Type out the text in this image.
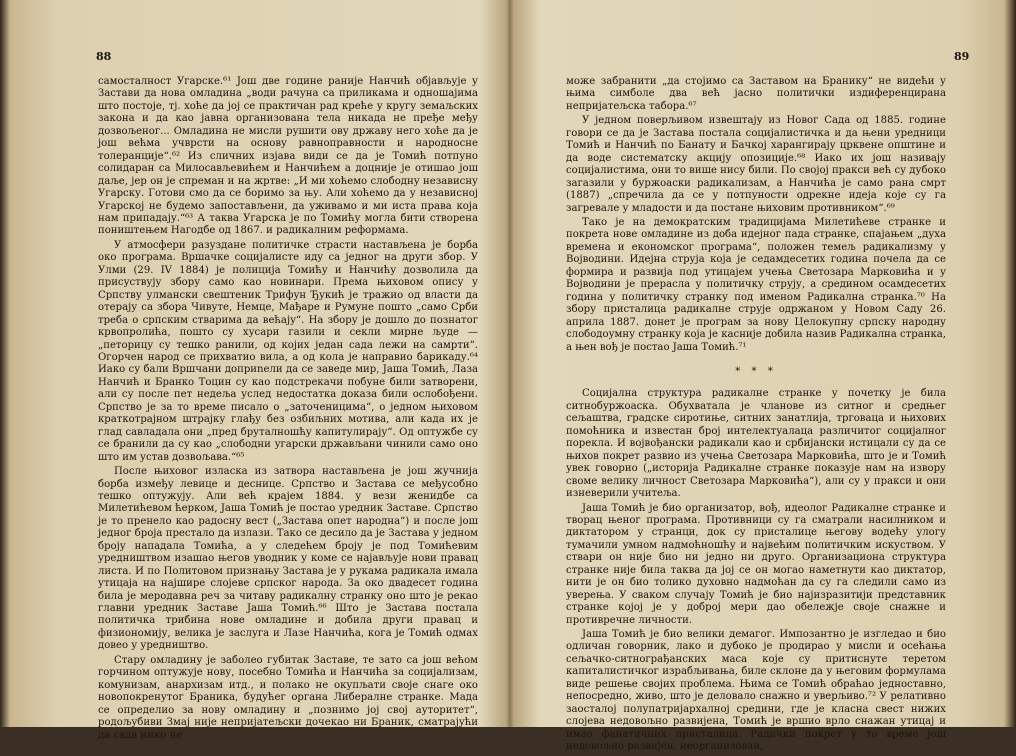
88

самосталност Угарске.⁶¹ Још две године раније Нанчић објављује у Застави да нова омладина „води рачуна са приликама и одношајима што постоје, тј. хоће да јој се практичан рад креће у кругу земаљских закона и да као јавна организована тела никада не пређе међу дозвољеног... Омладина не мисли рушити ову државу него хоће да је још већма учврсти на основу равноправности и народносне толеранције“.⁶² Из сличних изјава види се да је Томић потпуно солидаран са Милосављевићем и Нанчићем а доцније је отишао још даље, јер он је спреман и на жртве: „И ми хоћемо слободну независну Угарску. Готови смо да се боримо за њу. Али хоћемо да у независној Угарској не будемо запостављени, да уживамо и ми иста права која нам припадају.“⁶³ А таква Угарска је по Томићу могла бити створена поништењем Нагодбе од 1867. и радикалним реформама.

У атмосфери разуздане политичке страсти настављена је борба око програма. Вршачке социјалисте иду са једног на други збор. У Улми (29. IV 1884) је полиција Томићу и Нанчићу дозволила да присуствују збору само као новинари. Према њиховом опису у Српству улмански свештеник Трифун Ђукић је тражио од власти да отерају са збора Чивуте, Немце, Мађаре и Румуне пошто „само Срби треба о српским стварима да већају“. На збору је дошло до познатог крвопролића, пошто су хусари газили и секли мирне људе — „петорицу су тешко ранили, од којих један сада лежи на самрти“. Огорчен народ се прихватио вила, а од кола је направио барикаду.⁶⁴ Иако су бали Вршчани доприneли да се заведе мир, Јаша Томић, Лаза Нанчић и Бранко Тоцин су као подстрекачи побуне били затворени, али су после пет недеља услед недостатка доказа били ослобођени. Српство је за то време писало о „заточеницима“, о једном њиховом краткотрајном штрајку глађу без озбиљних мотива, али када их је глад савладала они „пред бруталношћу капитулирају“. Од оптужбе су се бранили да су као „слободни угарски држављани чинили само оно што им устав дозвољава.“⁶⁵

После њиховог изласка из затвора настављена је још жучнија борба између левице и деснице. Српство и Застава се међусобно тешко оптужују. Али већ крајем 1884. у вези женидбе са Милетићевом ћерком, Јаша Томић је постао уредник Заставе. Српство је то пренело као радосну вест („Застава опет народна“) и после још једног броја престало да излази. Тако се десило да је Застава у једном броју нападала Томића, а у следећем броју је под Томићевим уредништвом изашао његов уводник у коме се најављује нови правац листа. И по Политовом признању Застава је у рукама радикала имала утицаја на најшире слојеве српског народа. За око двадесет година била је меродавна реч за читаву радикалну странку оно што је рекао главни уредник Заставе Јаша Томић.⁶⁶ Што је Застава постала политичка трибина нове омладине и добила други правац и физиономију, велика је заслуга и Лазе Нанчића, кога је Томић одмах довео у уредништво.

Стару омладину је заболео губитак Заставе, те зато са још већом горчином оптужује нову, посебно Томића и Нанчића за социјализам, комунизам, анархизам итд., и полако не окупљати своје снаге око новопокренутог Браника, будућег органа Либералне странке. Мада се определио за нову омладину и „познимо јој свој ауторитет“, родољубиви Змај није непријатељски дочекао ни Браник, сматрајући да сада нико не

89

може забранити „да стојимо са Заставом на Бранику“ не видећи у њима симболе два већ јасно политички издиференцирана непријатељска табора.⁶⁷

У једном поверљивом извештају из Новог Сада од 1885. године говори се да је Застава постала социјалистичка и да њени уредници Томић и Нанчић по Банату и Бачкој харангирају црквене општине и да воде систематску акцију опозиције.⁶⁸ Иако их још називају социјалистима, они то више нису били. По својој пракси већ су дубоко загазили у буржоаски радикализам, а Нанчића је само рана смрт (1887) „спречила да се у потпуности одрекне идеја које су га загревале у младости и да постане њиховим противником“.⁶⁹

Тако је на демократским традицијама Милетићеве странке и покрета нове омладине из доба идејног пада странке, спајањем „духа времена и економског програма“, положен темељ радикализму у Војводини. Идејна струја која је седамдесетих година почела да се формира и развија под утицајем учења Светозара Марковића и у Војводини је прерасла у политичку струју, а средином осамдесетих година у политичку странку под именом Радикална странка.⁷⁰ На збору присталица радикалне струје одржаном у Новом Саду 26. априла 1887. донет је програм за нову Целокупну српску народну слободоумну странку која је касније добила назив Радикална странка, а њен вођ је постао Јаша Томић.⁷¹

* * *

Социјална структура радикалне странке у почетку је била ситнобуржоаска. Обухватала је чланове из ситног и средњег сељаштва, градске сиротиње, ситних занатлија, трговаца и њихових помоћника и известан број интелектуалаца различитог социјалног порекла. И војвођански радикали као и србијански истицали су да се њихов покрет развио из учења Светозара Марковића, што је и Томић увек говорио („историја Радикалне странке показује нам на извору своме велику личност Светозара Марковића“), али су у пракси и они изневерили учитеља.

Јаша Томић је био организатор, вођ, идеолог Радикалне странке и творац њеног програма. Противници су га сматрали насилником и диктатором у странци, док су присталице његову водећу улогу тумачили умном надмоћношћу и највећим политичким искуством. У ствари он није био ни једно ни друго. Организациона структура странке није била таква да јој се он могао наметнути као диктатор, нити је он био толико духовно надмоћан да су га следили само из уверења. У сваком случају Томић је био најизразитији представник странке којој је у доброј мери дао обележје своје снажне и противречне личности.

Јаша Томић је био велики демагог. Импозантно је изгледао и био одличан говорник, лако и дубоко је продирао у мисли и осећања сељачко-ситнограђанских маса које су притиснуте теретом капиталистичког израбљивања, биле склоне да у његовим формулама виде решење својих проблема. Њима се Томић обраћао једноставно, непосредно, живо, што је деловало снажно и уверљиво.⁷² У релативно заосталој полупатријархалној средини, где је класна свест нижих слојева недовољно развијена, Томић је вршио врло снажан утицај и имао фанатичних присталица. Радички покрет у то време још недовољно развијен, неорганизован,
